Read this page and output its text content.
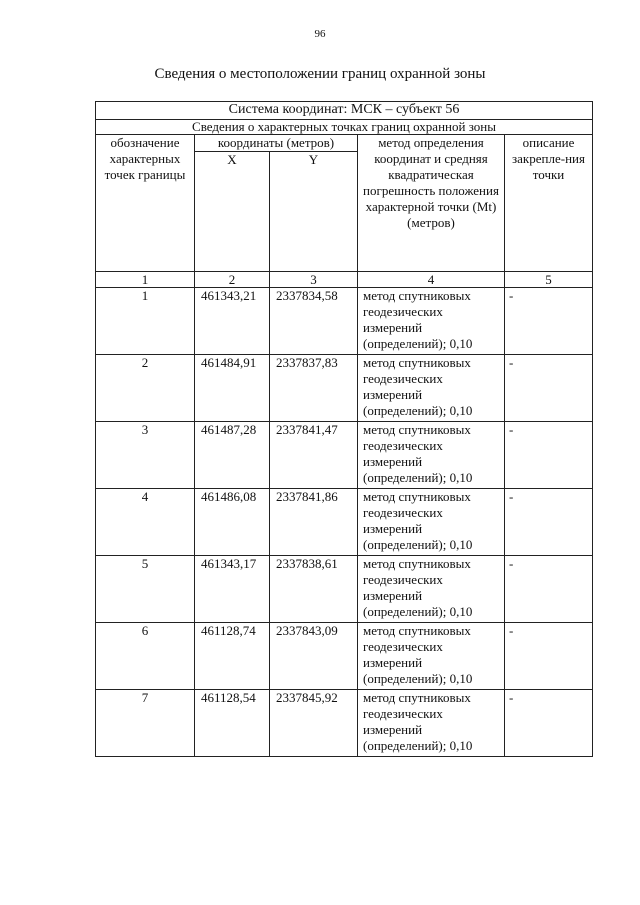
96
Сведения о местоположении границ охранной зоны
Система координат: МСК – субъект 56				
Сведения о характерных точках границ охранной зоны				
обозначение характерных точек границы	координаты (метров)		метод определения координат и средняя квадратическая погрешность положения характерной точки (Mt) (метров)	описание закрепле-ния точки
	X	Y		
1	2	3	4	5
1	461343,21	2337834,58	метод спутниковых геодезических измерений (определений); 0,10	-
2	461484,91	2337837,83	метод спутниковых геодезических измерений (определений); 0,10	-
3	461487,28	2337841,47	метод спутниковых геодезических измерений (определений); 0,10	-
4	461486,08	2337841,86	метод спутниковых геодезических измерений (определений); 0,10	-
5	461343,17	2337838,61	метод спутниковых геодезических измерений (определений); 0,10	-
6	461128,74	2337843,09	метод спутниковых геодезических измерений (определений); 0,10	-
7	461128,54	2337845,92	метод спутниковых геодезических измерений (определений); 0,10	-
